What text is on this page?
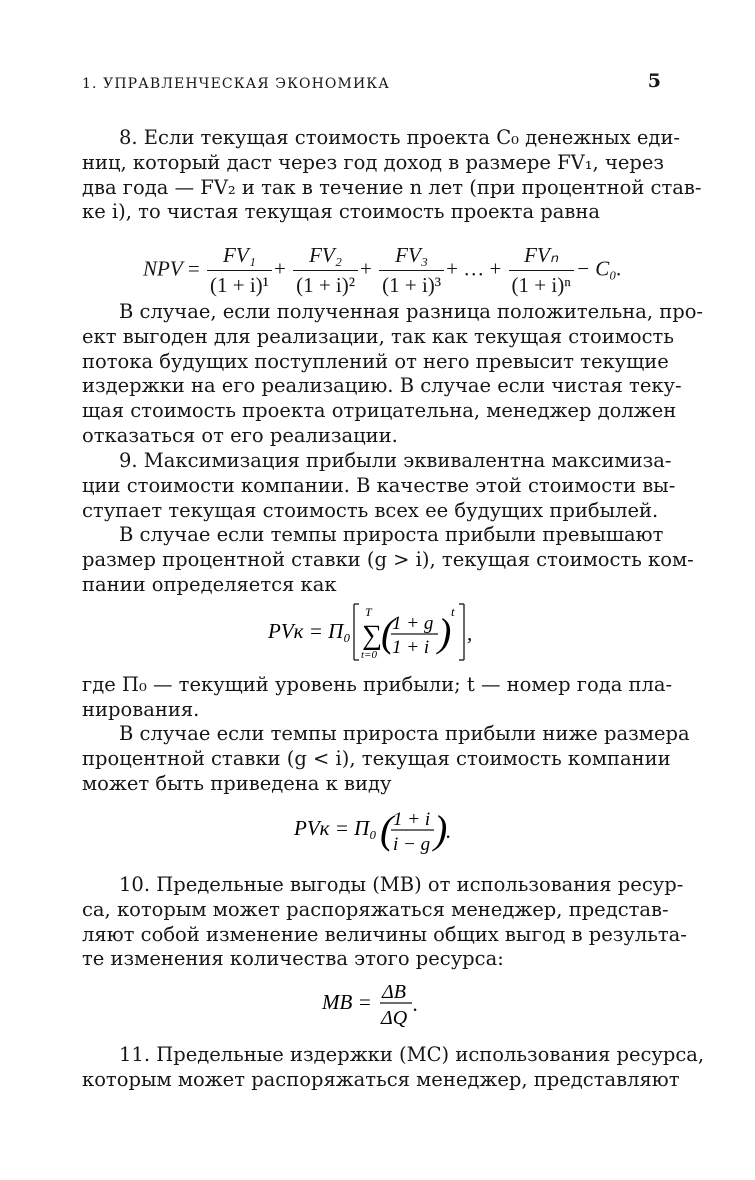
1. УПРАВЛЕНЧЕСКАЯ ЭКОНОМИКА	5
8. Если текущая стоимость проекта C₀ денежных еди-
ниц, который даст через год доход в размере FV₁, через
два года — FV₂ и так в течение n лет (при процентной став-
ке i), то чистая текущая стоимость проекта равна
NPV = $\frac{\text{FV₁}}{\text{(1 + i)¹}} + \frac{\text{FV₂}}{\text{(1 + i)²}} + \frac{\text{FV₃}}{\text{(1 + i)³}}$ + … + $\frac{\text{FVₙ}}{\text{(1 + i)ⁿ}} - C_0$.
В случае, если полученная разница положительна, про-
ект выгоден для реализации, так как текущая стоимость
потока будущих поступлений от него превысит текущие
издержки на его реализацию. В случае если чистая теку-
щая стоимость проекта отрицательна, менеджер должен
отказаться от его реализации.
9. Максимизация прибыли эквивалентна максимиза-
ции стоимости компании. В качестве этой стоимости вы-
ступает текущая стоимость всех ее будущих прибылей.
В случае если темпы прироста прибыли превышают
размер процентной ставки (g > i), текущая стоимость ком-
пании определяется как
PVк = П₀
T
∑
t=0 (
1 + g
1 + i ) t
,
где П₀ — текущий уровень прибыли; t — номер года пла-
нирования.
В случае если темпы прироста прибыли ниже размера
процентной ставки (g < i), текущая стоимость компании
может быть приведена к виду
PVк = П₀ ( 1 + i
i − g )
.
10. Предельные выгоды (MB) от использования ресур-
са, которым может распоряжаться менеджер, представ-
ляют собой изменение величины общих выгод в результа-
те изменения количества этого ресурса:
MB = ΔB
ΔQ
.
11. Предельные издержки (MC) использования ресурса,
которым может распоряжаться менеджер, представляют
